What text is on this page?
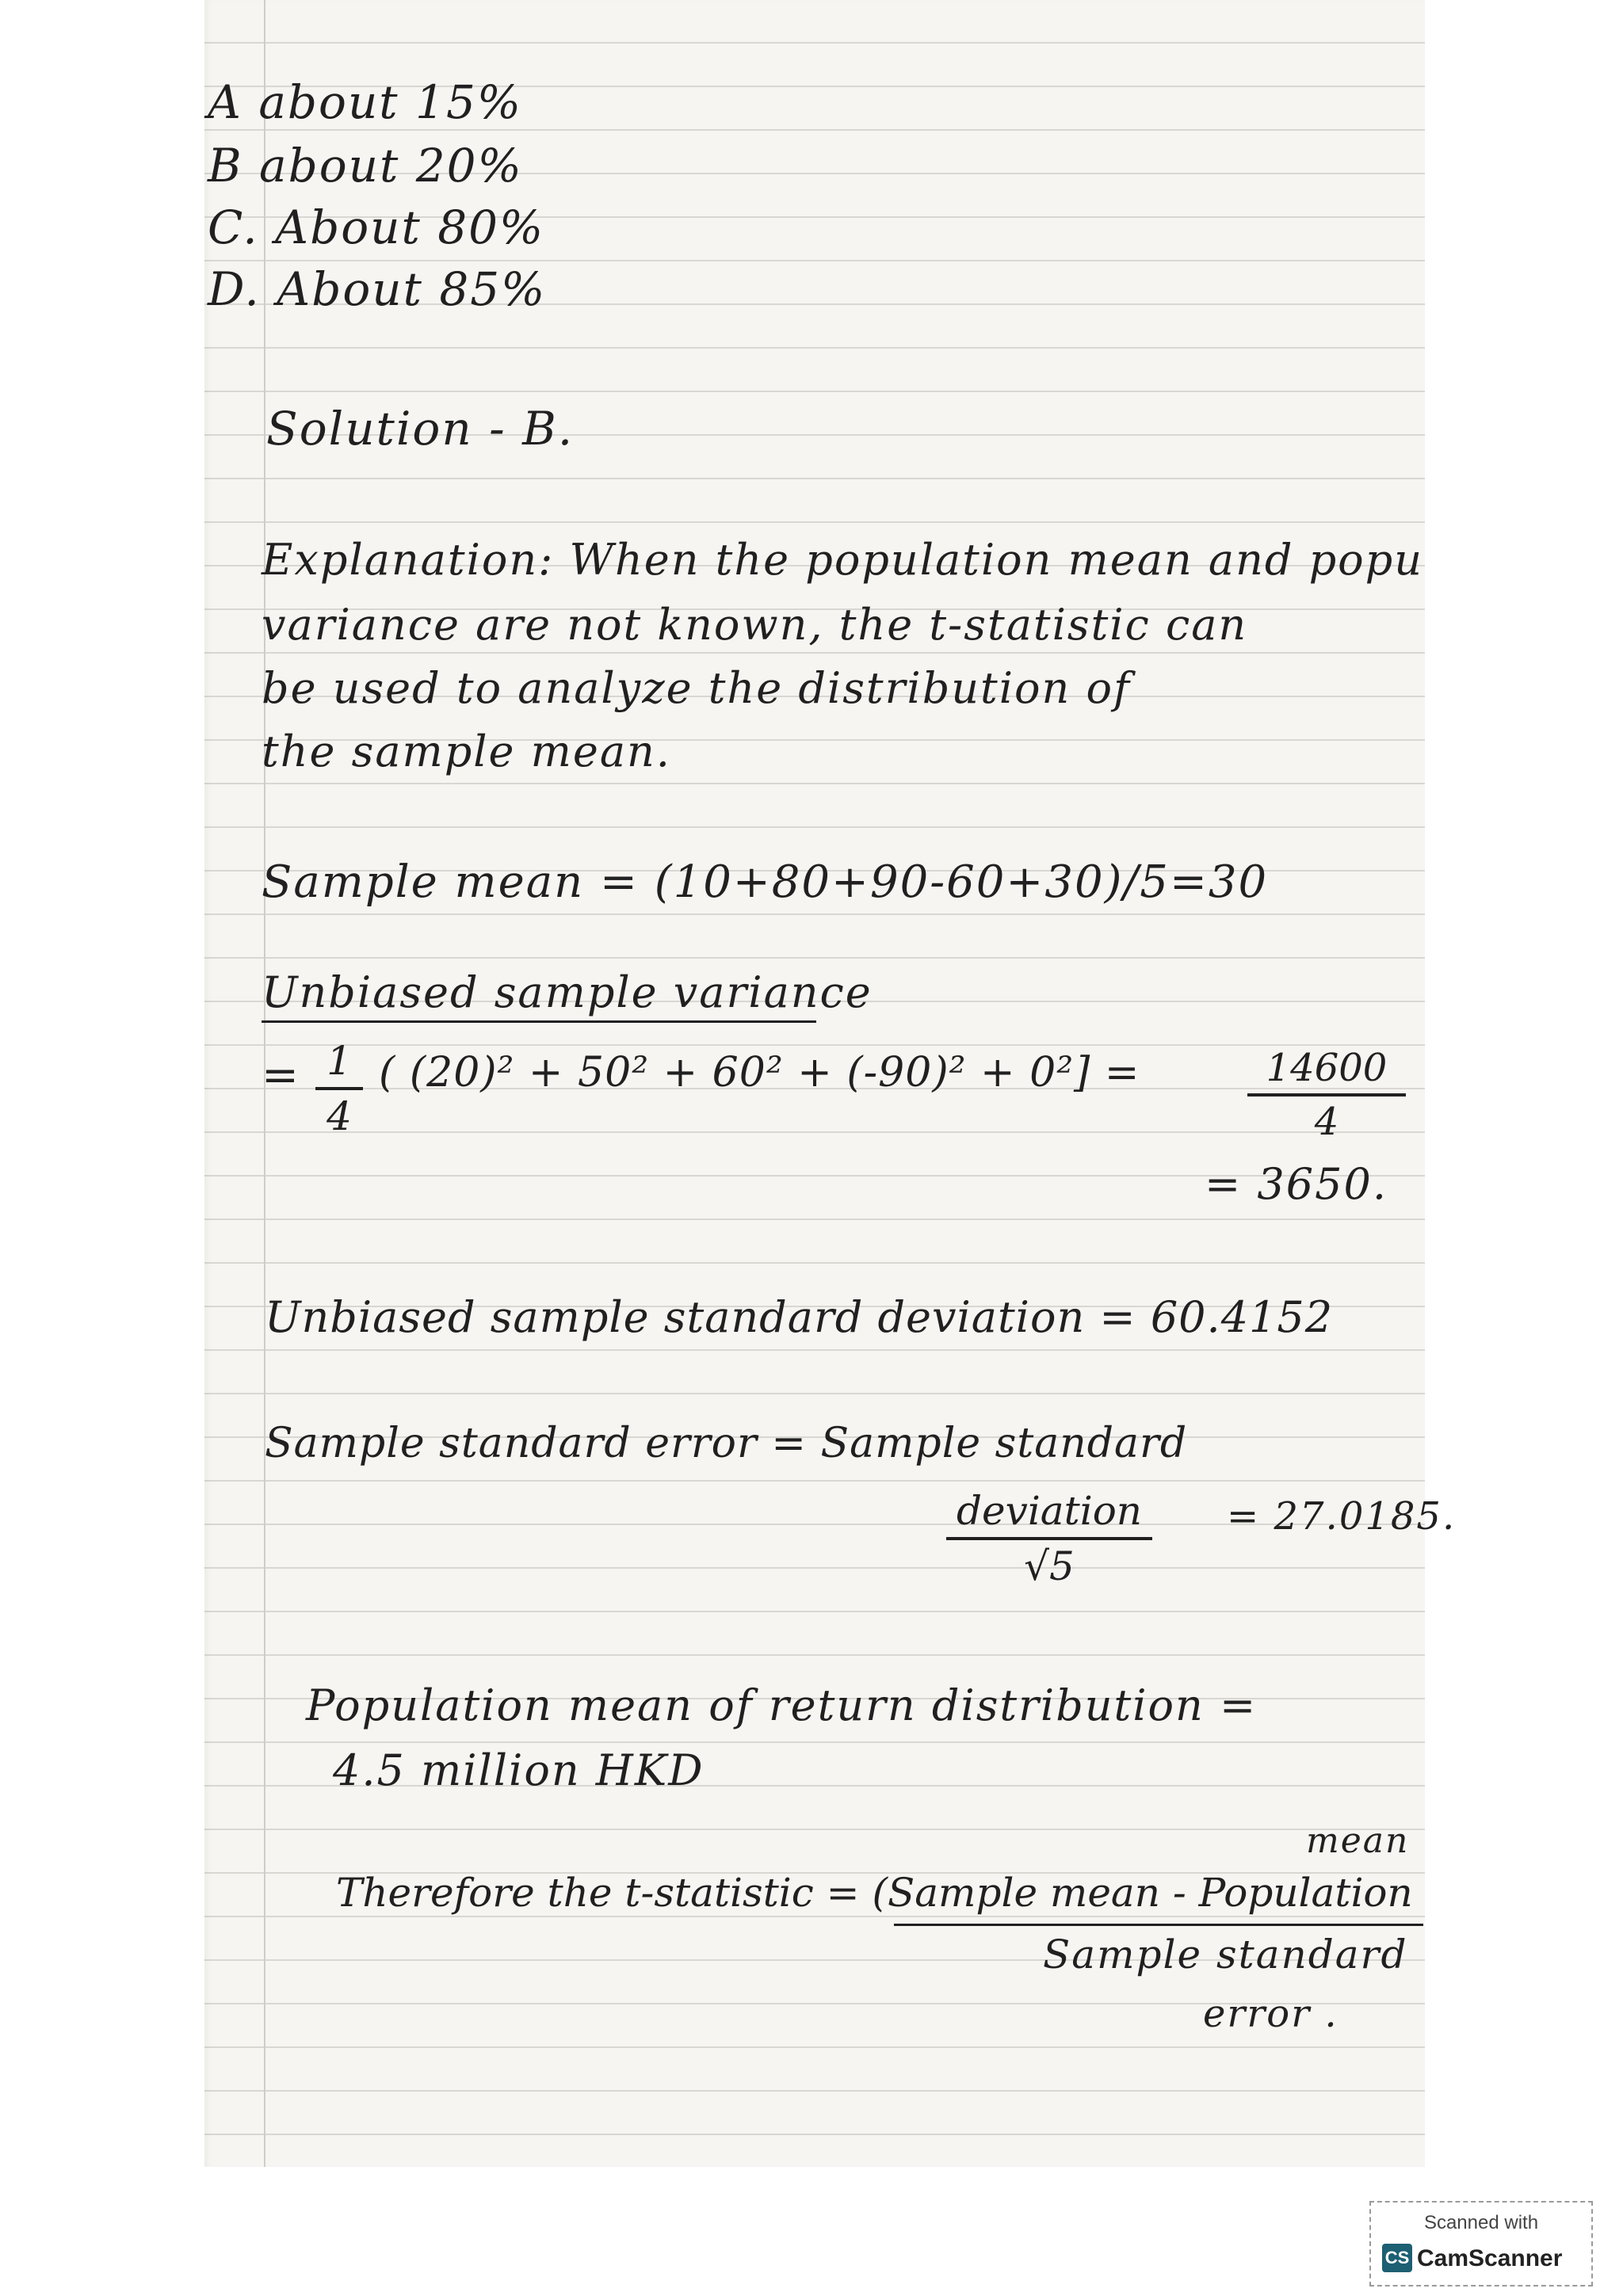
A about 15%
B about 20%
C. About 80%
D. About 85%
Solution - B.
Explanation: When the population mean and popu
variance are not known, the t-statistic can
be used to analyze the distribution of
the sample mean.
Sample mean = (10+80+90-60+30)/5=30
Unbiased sample variance
= $\frac{1}{4}$ ( (20)² + 50² + 60² + (-90)² + 0²] =	$\frac{14600}{4}$
= 3650.
Unbiased sample standard deviation = 60.4152
Sample standard error = Sample standard
deviation
√5
= 27.0185.
Population mean of return distribution =
4.5 million HKD
mean
Therefore the t-statistic = (Sample mean - Population
Sample standard
error .
Scanned with
CS CamScanner
